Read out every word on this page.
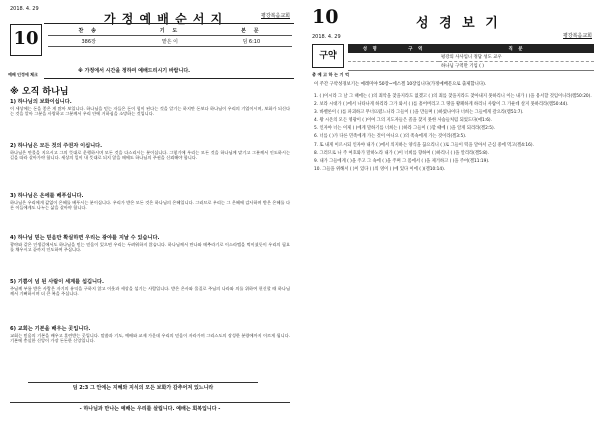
2018. 4. 29
가 정 예 배 순 서 지	평강복음교회
10
예배 인정에 체크
찬 송	기 도	본 문
386장	맡은 이	딤 6:10
※ 가정에서 시간을 정하여 예배드리시기 바랍니다.
※ 오직 하나님
1) 하나님의 보화이십니다.
이 세상에는 돈을 좋은 게 많아 보입니다. 하나님을 믿는 자들은 돈이 힘이 된다는 것을 알기는 하지만 돈보다 하나님이 우리의 기업이시며, 보화가 되신다는 것을 알아 그분을 사랑하고 그분께서 우리 안에 거하심을 소망하는 것입니다.
2) 하나님은 모든 것의 주권자 이십니다.
하나님은 만물을 지으시고 그의 뜻대로 운행하시며 모든 것을 다스리시는 분이십니다. 그렇기에 우리는 모든 것을 하나님께 맡기고 그분께서 인도하시는 길을 따라 살아가야 합니다. 세상의 일이 내 뜻대로 되지 않을 때에도 하나님의 주권을 신뢰해야 합니다.
3) 하나님은 온에를 베푸십니다.
하나님은 우리에게 값없이 은혜를 베푸시는 분이십니다. 우리가 받은 모든 것은 하나님의 은혜입니다. 그러므로 우리는 그 은혜에 감사하며 받은 은혜를 다른 이들에게도 나누는 삶을 살아야 합니다.
4) 하나님 믿는 믿음만 확실하면 우리는 광야를 지날 수 있습니다.
광야와 같은 인생길에서도 하나님을 믿는 믿음이 있으면 우리는 두려워하지 않습니다. 하나님께서 만나와 메추라기로 이스라엘을 먹이셨듯이 우리의 필요를 채우시고 끝까지 인도하여 주십니다.
5) 기쁨이 넘 된 사람이 세계를 섭깁니다.
주님께 부름 받은 사람은 자기의 유익을 구하지 않고 이웃과 세상을 섬기는 사람입니다. 받은 은사와 물질로 주님의 나라와 의를 위하여 헌신할 때 하나님께서 기뻐하시며 더 큰 복을 주십니다.
6) 교회는 기본을 배우는 곳입니다.
교회는 믿음의 기본을 배우고 훈련받는 곳입니다. 말씀과 기도, 예배와 교제 가운데 우리의 믿음이 자라가며 그리스도의 장성한 분량에까지 이르게 됩니다. 기본에 충실한 신앙이 가장 든든한 신앙입니다.
딤 2:3 그 안에는 지혜와 지식의 모든 보화가 감추어져 있느니라
- 하나님과 만나는 예배는 우리를 살립니다. 예배는 회복입니다 -
10	성 경 보 기
2018. 4. 29	평강복음교회
구약
총 예 고 하 는 기 억
성 명	구 역	직 분
		평강의 사사입니 정답 성도 교우
		하나님 구역만 기입 ( )
이 주간 구약성경보기는 예레미야 50장~에스겔 10장입니다(가정예배문으로 출제합니다).
1. ( )이시라 그 날 그 때에는 ( )의 죄악을 찾을지라도 없겠고 ( )의 죄를 찾을지라도 찾아내지 못하리니 이는 내가 ( )을 용서할 것임이니라(렘50:20).
2. 보라 시대가 ( )에서 나타나게 하리라 그가 와서 ( )를 흩어버리고 그 땅을 황폐하게 하리니 사람이 그 가운데 살지 못하리라(렘50:44).
3. 바벨론이 ( )를 파괴하고 무너뜨렸느니라 그들이 ( )을 만들며 ( )하였나이다 너희는 그들에게 갚으라(렘51:7).
4. 왕 시온의 모든 영광이 ( )이여 그의 지도자들은 꼴을 찾지 못한 사슴들처럼 되었도다(애1:6).
5. 인자야 너는 이제 ( )에게 말하기를 너희는 ( )하라 그들이 ( )할 때에 ( )을 알게 되리라(겔2:5).
6. 너를 ( )가 다른 민족에게 가는 것이 아니요 ( )의 족속에게 가는 것이라(겔3:5).
7. 또 내게 이르시되 인자야 내가 ( )에서 의지하는 양식을 끊으리니 ( )로 그들이 떡을 달아서 근심 중에 먹고(겔4:16).
8. 그러므로 나 주 여호와가 말하노라 내가 ( )이 너희를 향하여 ( )하리니 ( )을 알리라(겔5:8).
9. 내가 그들에게 ( )을 주고 그 속에 ( )을 주며 그 몸에서 ( )을 제거하고 ( )을 주어(겔11:19).
10. 그들을 위해서 ( )이 있다 ( )의 영이 ( )에 있다 이에 ( )(겔10:14).
